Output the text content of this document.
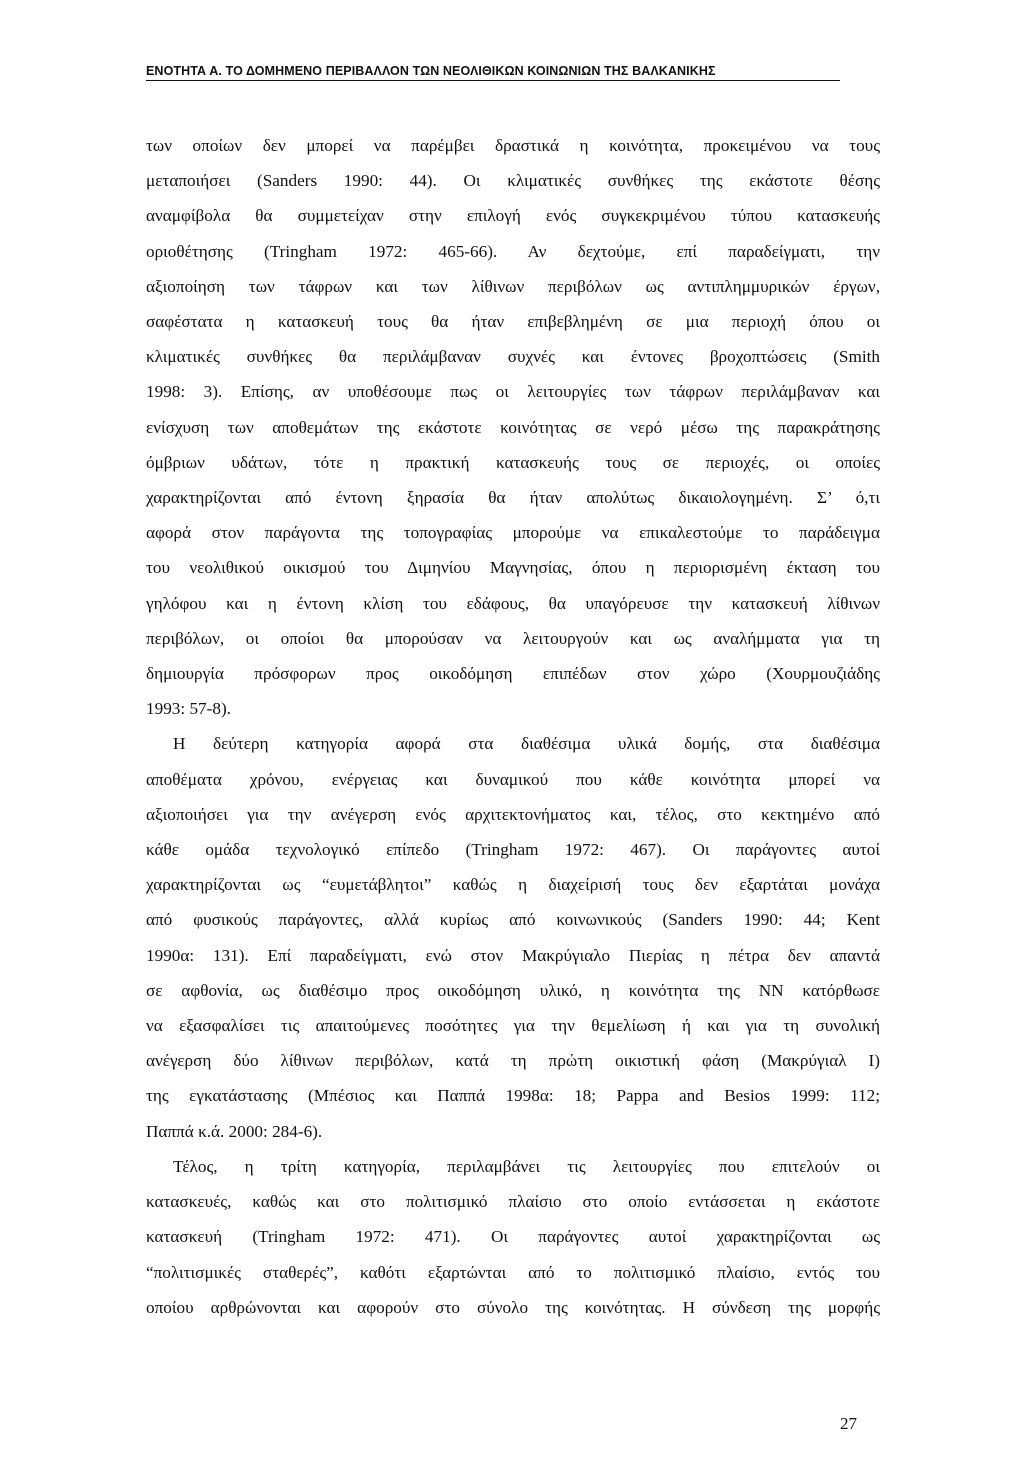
ΕΝΟΤΗΤΑ Α. ΤΟ ΔΟΜΗΜΕΝΟ ΠΕΡΙΒΑΛΛΟΝ ΤΩΝ ΝΕΟΛΙΘΙΚΩΝ ΚΟΙΝΩΝΙΩΝ ΤΗΣ ΒΑΛΚΑΝΙΚΗΣ

των οποίων δεν μπορεί να παρέμβει δραστικά η κοινότητα, προκειμένου να τους
μεταποιήσει (Sanders 1990: 44). Οι κλιματικές συνθήκες της εκάστοτε θέσης
αναμφίβολα θα συμμετείχαν στην επιλογή ενός συγκεκριμένου τύπου κατασκευής
οριοθέτησης (Tringham 1972: 465-66). Αν δεχτούμε, επί παραδείγματι, την
αξιοποίηση των τάφρων και των λίθινων περιβόλων ως αντιπλημμυρικών έργων,
σαφέστατα η κατασκευή τους θα ήταν επιβεβλημένη σε μια περιοχή όπου οι
κλιματικές συνθήκες θα περιλάμβαναν συχνές και έντονες βροχοπτώσεις (Smith
1998: 3). Επίσης, αν υποθέσουμε πως οι λειτουργίες των τάφρων περιλάμβαναν και
ενίσχυση των αποθεμάτων της εκάστοτε κοινότητας σε νερό μέσω της παρακράτησης
όμβριων υδάτων, τότε η πρακτική κατασκευής τους σε περιοχές, οι οποίες
χαρακτηρίζονται από έντονη ξηρασία θα ήταν απολύτως δικαιολογημένη. Σ’ ό,τι
αφορά στον παράγοντα της τοπογραφίας μπορούμε να επικαλεστούμε το παράδειγμα
του νεολιθικού οικισμού του Διμηνίου Μαγνησίας, όπου η περιορισμένη έκταση του
γηλόφου και η έντονη κλίση του εδάφους, θα υπαγόρευσε την κατασκευή λίθινων
περιβόλων, οι οποίοι θα μπορούσαν να λειτουργούν και ως αναλήμματα για τη
δημιουργία πρόσφορων προς οικοδόμηση επιπέδων στον χώρο (Χουρμουζιάδης
1993: 57-8).

Η δεύτερη κατηγορία αφορά στα διαθέσιμα υλικά δομής, στα διαθέσιμα
αποθέματα χρόνου, ενέργειας και δυναμικού που κάθε κοινότητα μπορεί να
αξιοποιήσει για την ανέγερση ενός αρχιτεκτονήματος και, τέλος, στο κεκτημένο από
κάθε ομάδα τεχνολογικό επίπεδο (Tringham 1972: 467). Οι παράγοντες αυτοί
χαρακτηρίζονται ως “ευμετάβλητοι” καθώς η διαχείρισή τους δεν εξαρτάται μονάχα
από φυσικούς παράγοντες, αλλά κυρίως από κοινωνικούς (Sanders 1990: 44; Kent
1990α: 131). Επί παραδείγματι, ενώ στον Μακρύγιαλο Πιερίας η πέτρα δεν απαντά
σε αφθονία, ως διαθέσιμο προς οικοδόμηση υλικό, η κοινότητα της ΝΝ κατόρθωσε
να εξασφαλίσει τις απαιτούμενες ποσότητες για την θεμελίωση ή και για τη συνολική
ανέγερση δύο λίθινων περιβόλων, κατά τη πρώτη οικιστική φάση (Μακρύγιαλ Ι)
της εγκατάστασης (Μπέσιος και Παππά 1998α: 18; Pappa and Besios 1999: 112;
Παππά κ.ά. 2000: 284-6).

Τέλος, η τρίτη κατηγορία, περιλαμβάνει τις λειτουργίες που επιτελούν οι
κατασκευές, καθώς και στο πολιτισμικό πλαίσιο στο οποίο εντάσσεται η εκάστοτε
κατασκευή (Tringham 1972: 471). Οι παράγοντες αυτοί χαρακτηρίζονται ως
“πολιτισμικές σταθερές”, καθότι εξαρτώνται από το πολιτισμικό πλαίσιο, εντός του
οποίου αρθρώνονται και αφορούν στο σύνολο της κοινότητας. Η σύνδεση της μορφής

27
